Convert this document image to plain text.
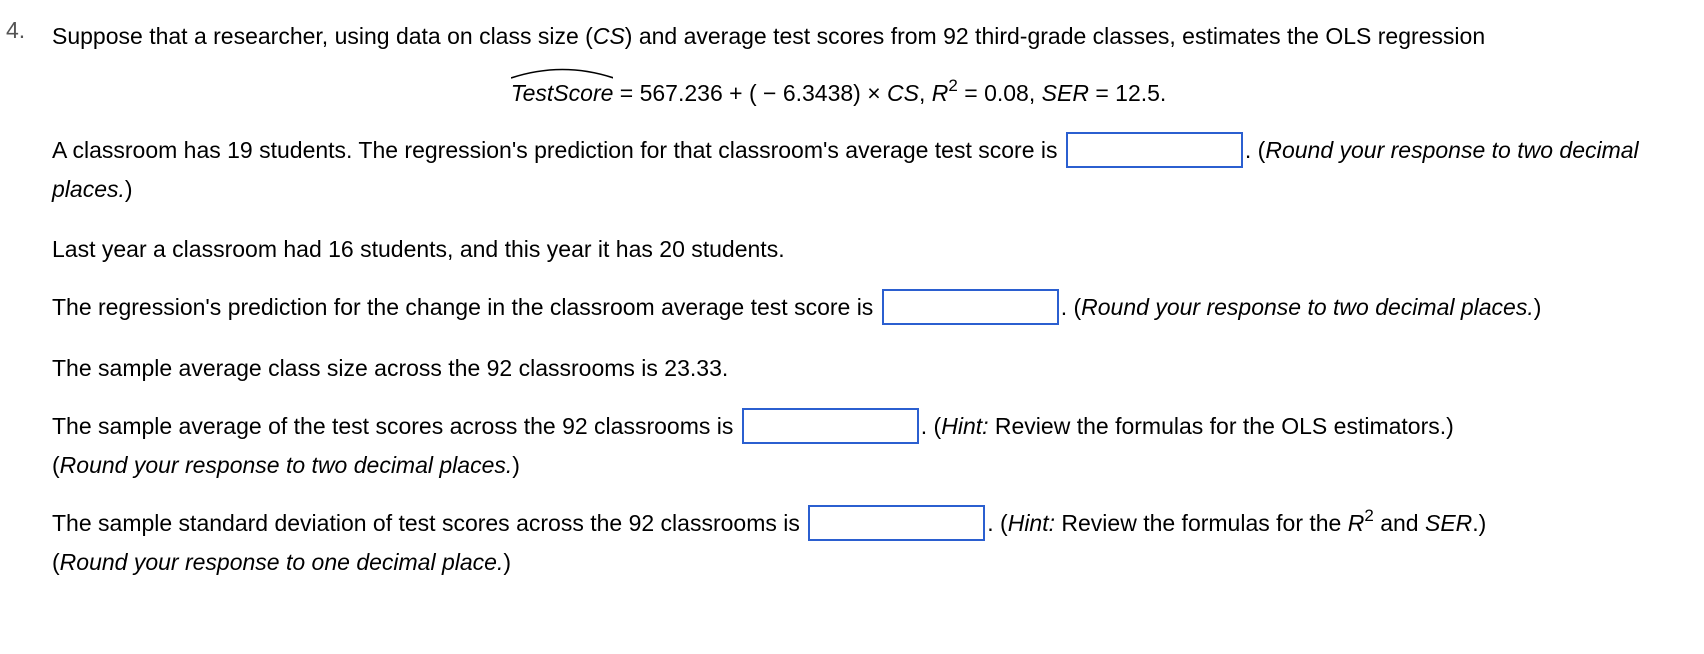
4. Suppose that a researcher, using data on class size (CS) and average test scores from 92 third-grade classes, estimates the OLS regression

TestScore = 567.236 + ( − 6.3438) × CS, $R^2 = 0.08$, SER = 12.5.

A classroom has 19 students. The regression's prediction for that classroom's average test score is	. (Round your response to two decimal places.)

Last year a classroom had 16 students, and this year it has 20 students.

The regression's prediction for the change in the classroom average test score is	. (Round your response to two decimal places.)

The sample average class size across the 92 classrooms is 23.33.

The sample average of the test scores across the 92 classrooms is	. (Hint: Review the formulas for the OLS estimators.)
(Round your response to two decimal places.)

The sample standard deviation of test scores across the 92 classrooms is	. (Hint: Review the formulas for the $R^2$ and SER.)
(Round your response to one decimal place.)
